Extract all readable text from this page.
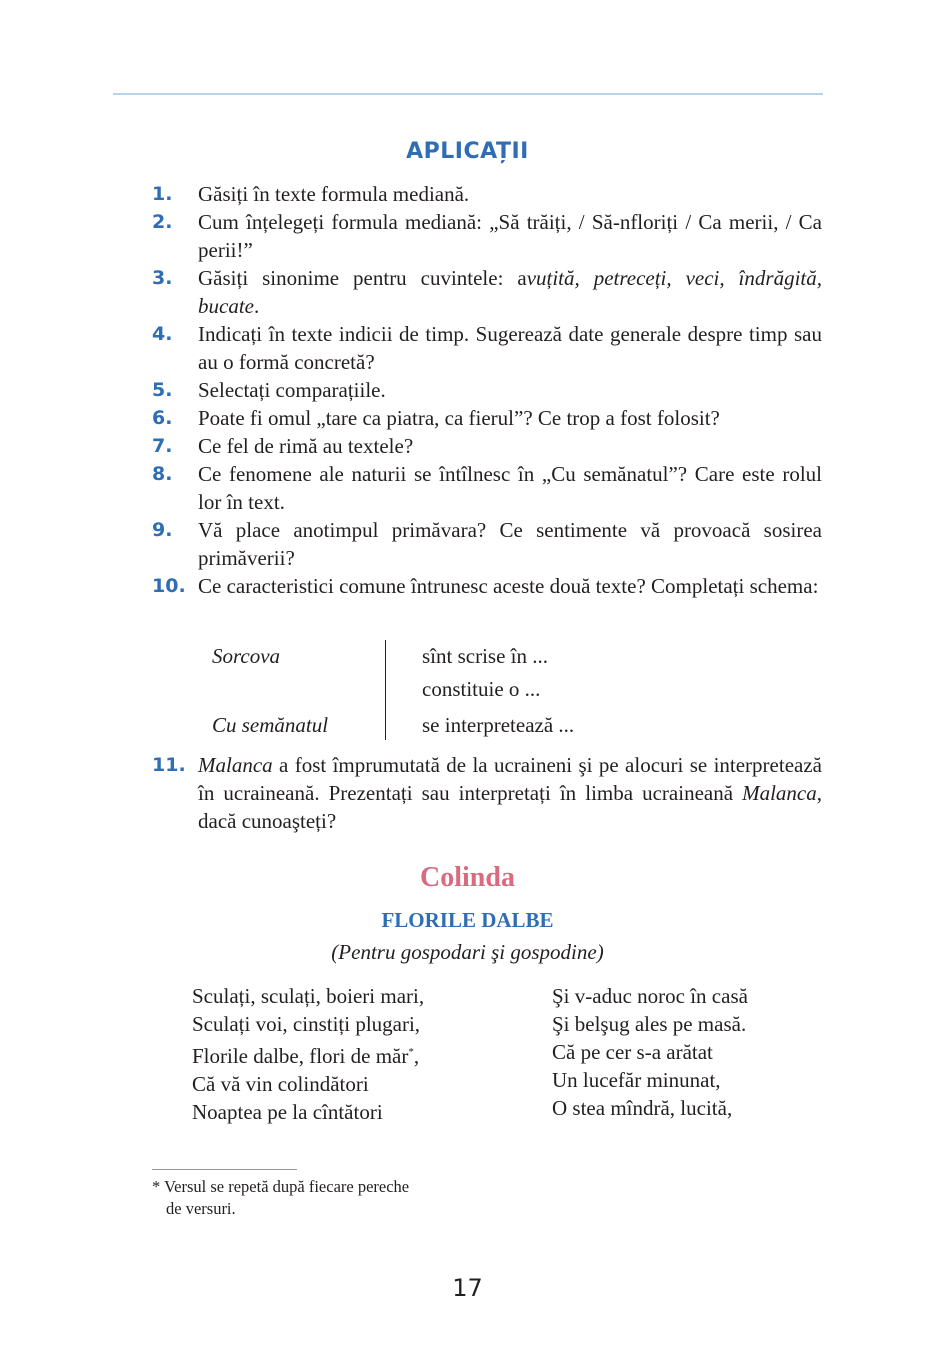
APLICAȚII
1. Găsiți în texte formula mediană.
2. Cum înțelegeți formula mediană: „Să trăiți, / Să-nfloriți / Ca merii, / Ca perii!”
3. Găsiți sinonime pentru cuvintele: avuțită, petreceți, veci, îndrăgită, bucate.
4. Indicați în texte indicii de timp. Sugerează date generale despre timp sau au o formă concretă?
5. Selectați comparațiile.
6. Poate fi omul „tare ca piatra, ca fierul”? Ce trop a fost folosit?
7. Ce fel de rimă au textele?
8. Ce fenomene ale naturii se întîlnesc în „Cu semănatul”? Care este rolul lor în text.
9. Vă place anotimpul primăvara? Ce sentimente vă provoacă sosirea primăverii?
10. Ce caracteristici comune întrunesc aceste două texte? Completați schema:
Sorcova
Cu semănatul
sînt scrise în ...
constituie o ...
se interpretează ...
11. Malanca a fost împrumutată de la ucraineni şi pe alocuri se interpretează în ucraineană. Prezentați sau interpretați în limba ucraineană Malanca, dacă cunoaşteți?
Colinda
FLORILE DALBE
(Pentru gospodari şi gospodine)
Sculați, sculați, boieri mari,
Sculați voi, cinstiți plugari,
Florile dalbe, flori de măr*,
Că vă vin colindători
Noaptea pe la cîntători
Şi v-aduc noroc în casă
Şi belşug ales pe masă.
Că pe cer s-a arătat
Un lucefăr minunat,
O stea mîndră, lucită,
* Versul se repetă după fiecare pereche
de versuri.
17
